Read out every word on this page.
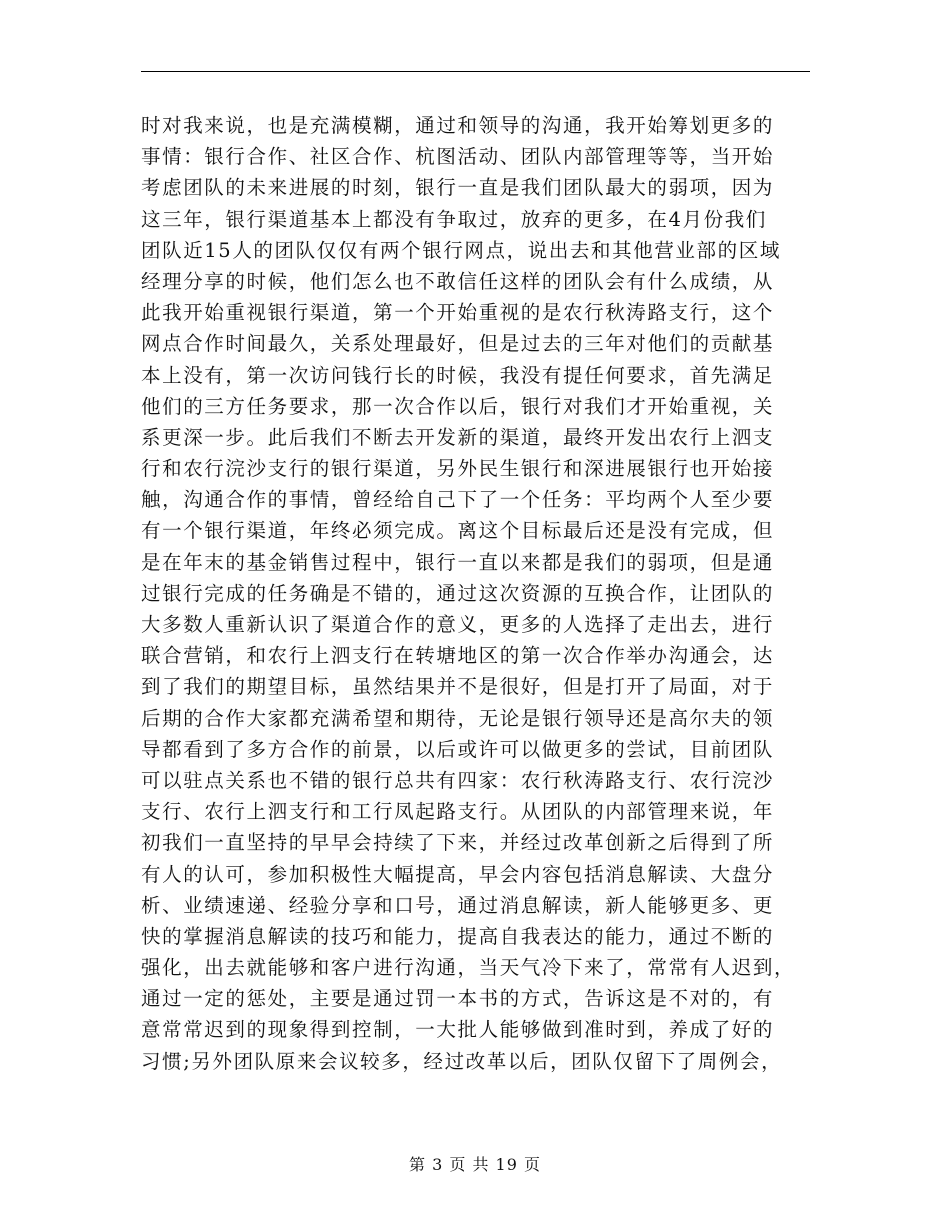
时对我来说，也是充满模糊，通过和领导的沟通，我开始筹划更多的
事情：银行合作、社区合作、杭图活动、团队内部管理等等，当开始
考虑团队的未来进展的时刻，银行一直是我们团队最大的弱项，因为
这三年，银行渠道基本上都没有争取过，放弃的更多，在4月份我们
团队近15人的团队仅仅有两个银行网点，说出去和其他营业部的区域
经理分享的时候，他们怎么也不敢信任这样的团队会有什么成绩，从
此我开始重视银行渠道，第一个开始重视的是农行秋涛路支行，这个
网点合作时间最久，关系处理最好，但是过去的三年对他们的贡献基
本上没有，第一次访问钱行长的时候，我没有提任何要求，首先满足
他们的三方任务要求，那一次合作以后，银行对我们才开始重视，关
系更深一步。此后我们不断去开发新的渠道，最终开发出农行上泗支
行和农行浣沙支行的银行渠道，另外民生银行和深进展银行也开始接
触，沟通合作的事情，曾经给自己下了一个任务：平均两个人至少要
有一个银行渠道，年终必须完成。离这个目标最后还是没有完成，但
是在年末的基金销售过程中，银行一直以来都是我们的弱项，但是通
过银行完成的任务确是不错的，通过这次资源的互换合作，让团队的
大多数人重新认识了渠道合作的意义，更多的人选择了走出去，进行
联合营销，和农行上泗支行在转塘地区的第一次合作举办沟通会，达
到了我们的期望目标，虽然结果并不是很好，但是打开了局面，对于
后期的合作大家都充满希望和期待，无论是银行领导还是高尔夫的领
导都看到了多方合作的前景，以后或许可以做更多的尝试，目前团队
可以驻点关系也不错的银行总共有四家：农行秋涛路支行、农行浣沙
支行、农行上泗支行和工行凤起路支行。从团队的内部管理来说，年
初我们一直坚持的早早会持续了下来，并经过改革创新之后得到了所
有人的认可，参加积极性大幅提高，早会内容包括消息解读、大盘分
析、业绩速递、经验分享和口号，通过消息解读，新人能够更多、更
快的掌握消息解读的技巧和能力，提高自我表达的能力，通过不断的
强化，出去就能够和客户进行沟通，当天气冷下来了，常常有人迟到，
通过一定的惩处，主要是通过罚一本书的方式，告诉这是不对的，有
意常常迟到的现象得到控制，一大批人能够做到准时到，养成了好的
习惯;另外团队原来会议较多，经过改革以后，团队仅留下了周例会，
第 3 页 共 19 页
